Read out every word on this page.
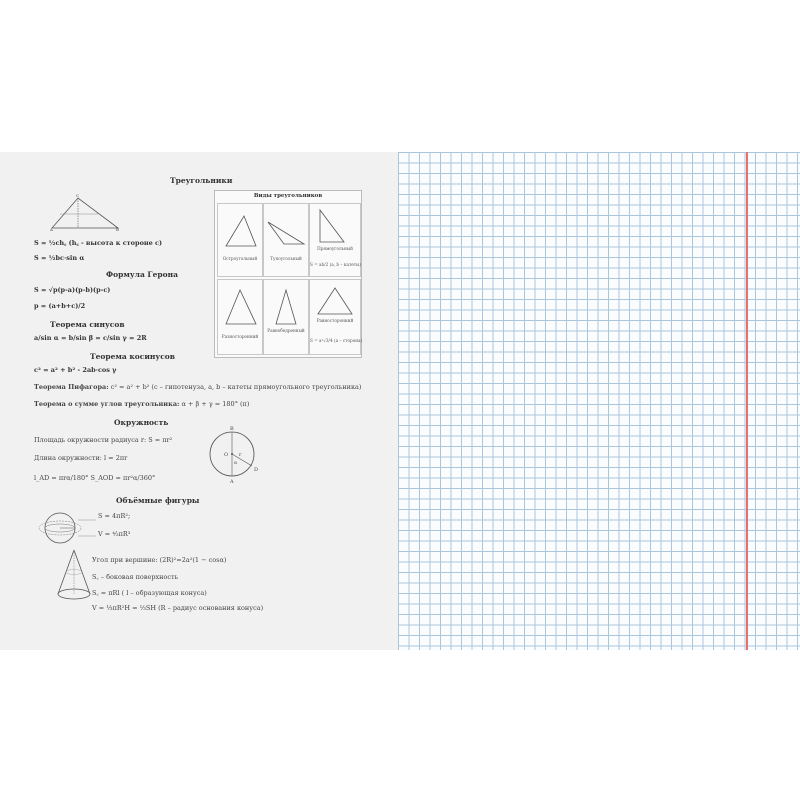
Треугольники
Формула Герона
Теорема синусов
Теорема косинусов
Окружность
Объёмные фигуры
A	B
C
S = ½ch꜀ (h꜀ - высота к стороне c)
S = ½bc·sin α
S = √p(p-a)(p-b)(p-c)
p = (a+b+c)/2
a/sin α = b/sin β = c/sin γ = 2R
c² = a² + b² - 2ab·cos γ
Теорема Пифагора: c² = a² + b² (c – гипотенуза, a, b – катеты прямоугольного треугольника)
Теорема о сумме углов треугольника: α + β + γ = 180° (π)
Виды треугольников
Остроугольный	Тупоугольный
Прямоугольный
S = ab/2 (a, b – катеты)
Разносторонний
Равнобедренный
Равносторонний
S = a²√3/4 (a – сторона)
Площадь окружности радиуса r: S = πr²
Длина окружности: l = 2πr
l_AD = πrα/180° S_AOD = πr²α/360°
B
O r
α
A
D
S = 4πR²;
V = ⁴⁄₃πR³
Угол при вершине: (2R)²=2a²(1 − cosα)
S꜀ – боковая поверхность
S꜀ = πRl ( l – образующая конуса)
V = ⅓πR²H = ⅓SH (R – радиус основания конуса)
